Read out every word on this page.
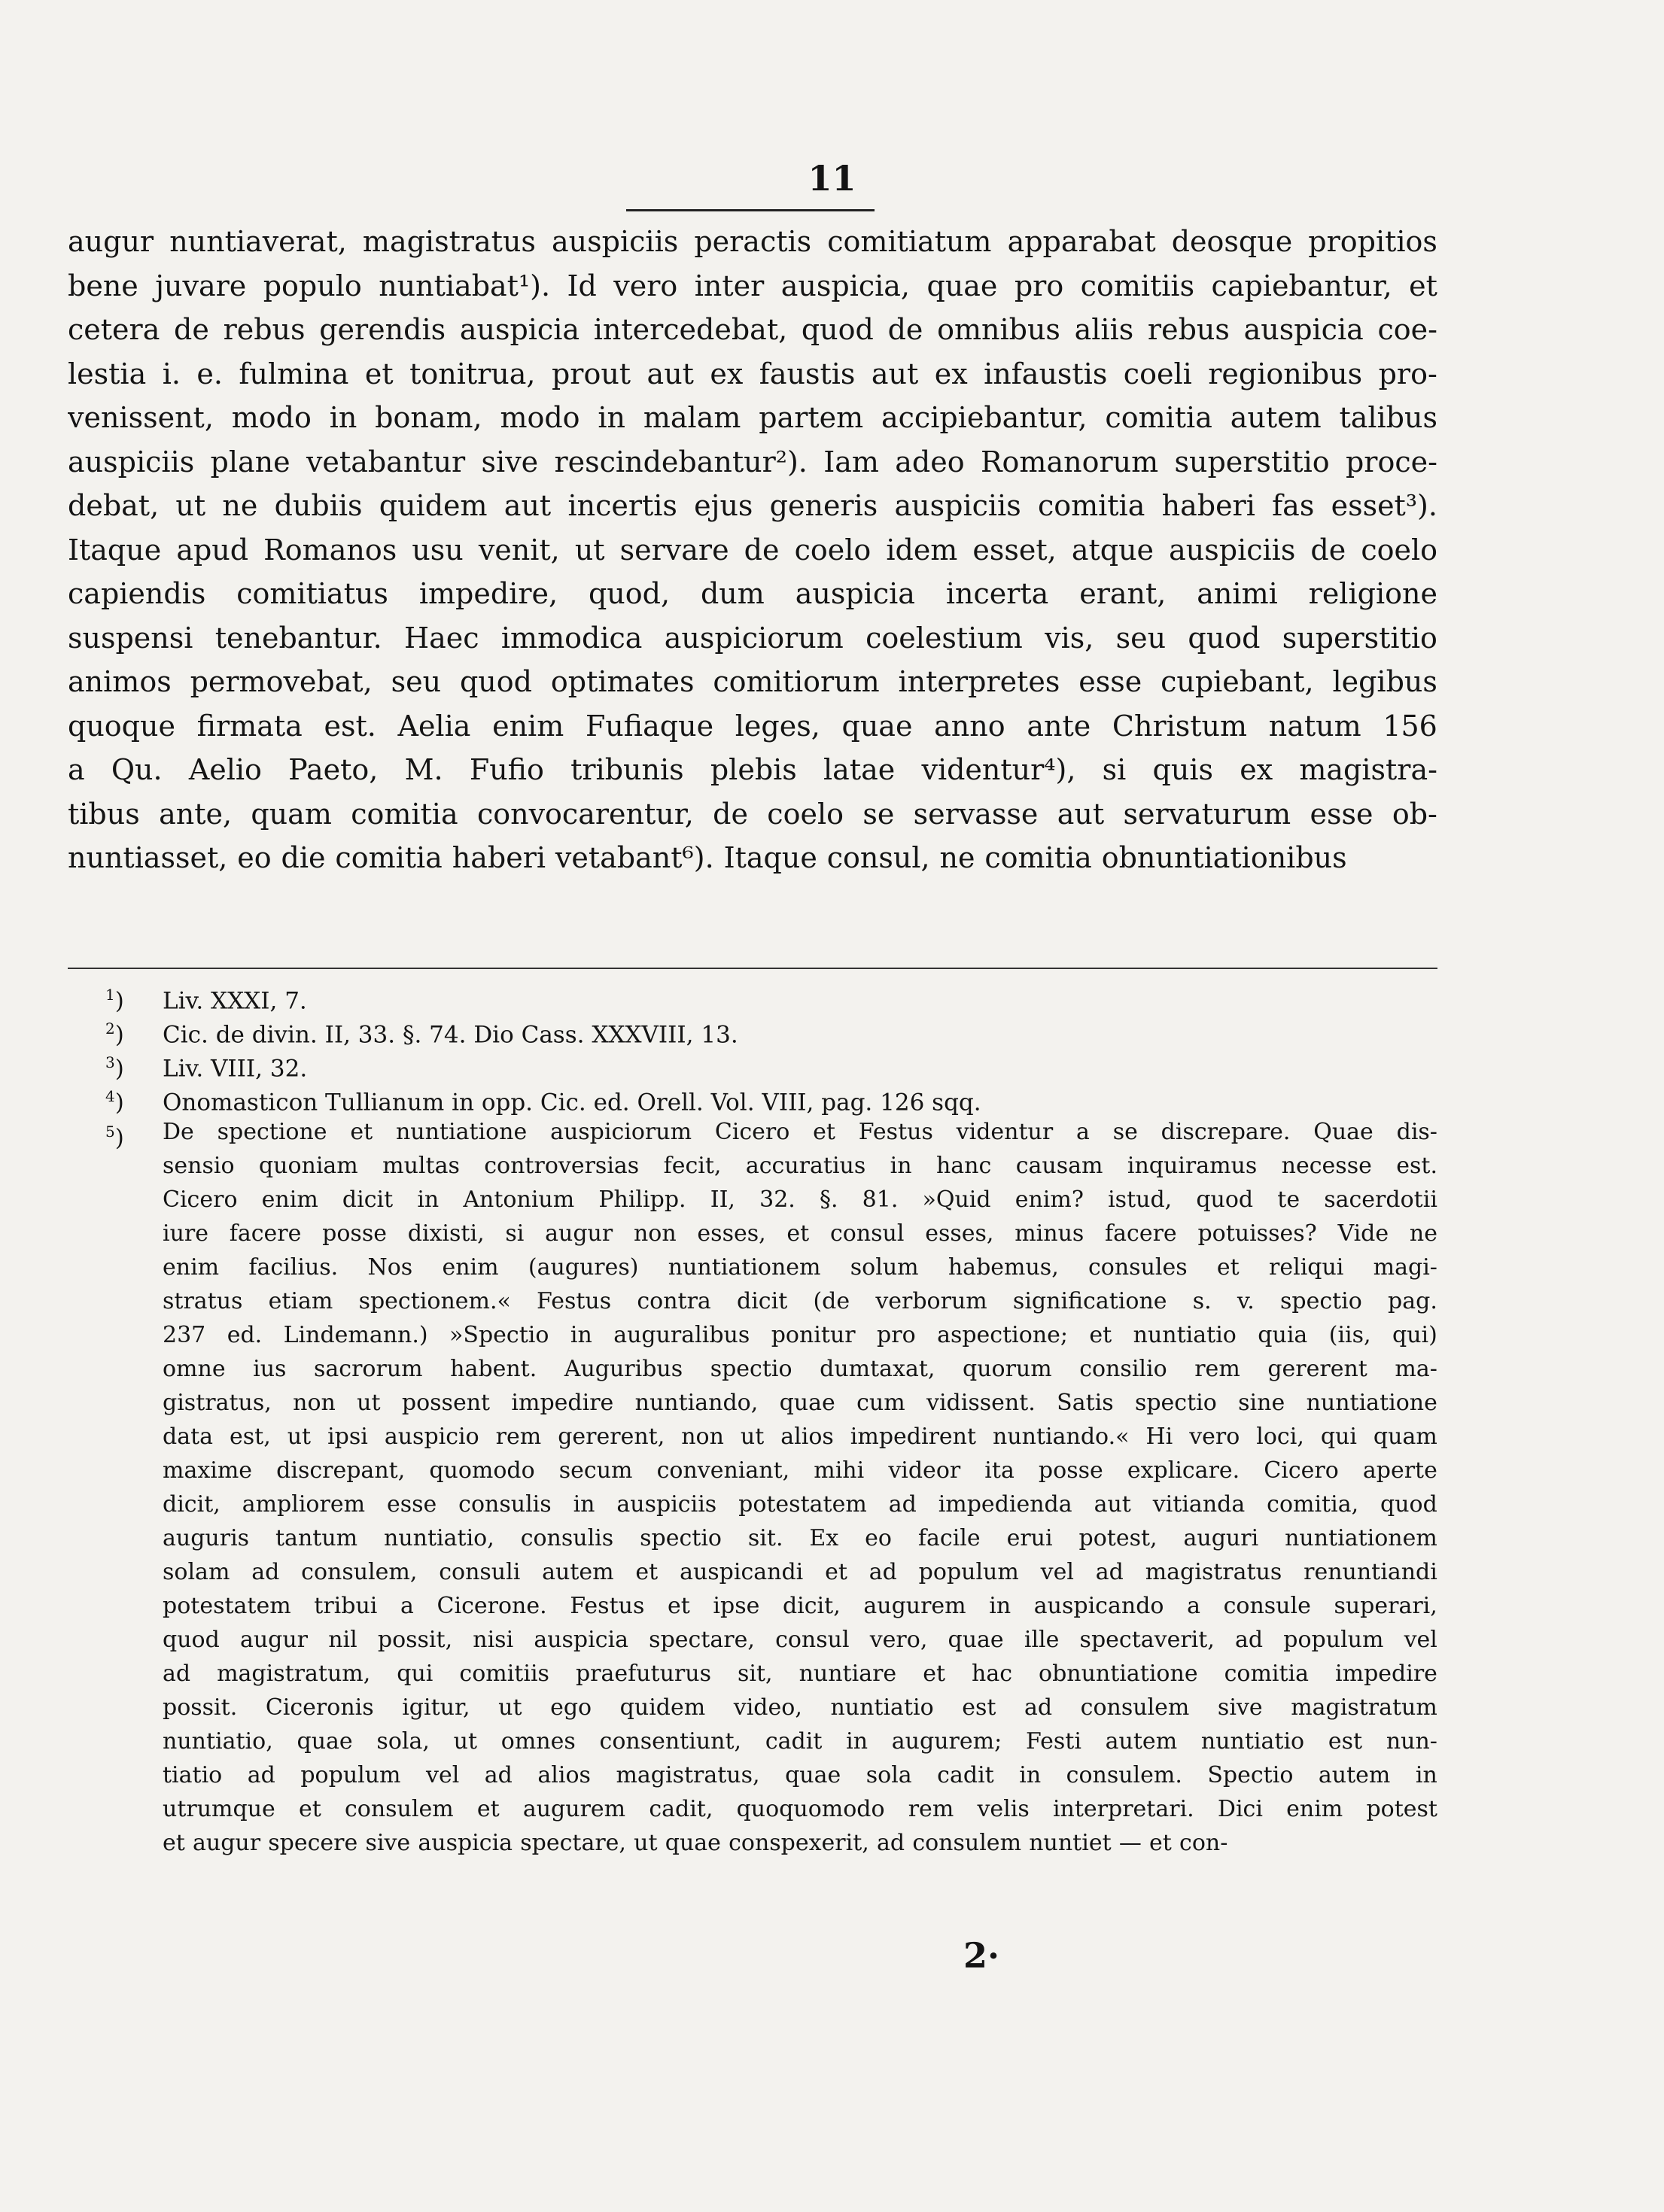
11
augur nuntiaverat, magistratus auspiciis peractis comitiatum apparabat deosque propitios
bene juvare populo nuntiabat¹). Id vero inter auspicia, quae pro comitiis capiebantur, et
cetera de rebus gerendis auspicia intercedebat, quod de omnibus aliis rebus auspicia coe-
lestia i. e. fulmina et tonitrua, prout aut ex faustis aut ex infaustis coeli regionibus pro-
venissent, modo in bonam, modo in malam partem accipiebantur, comitia autem talibus
auspiciis plane vetabantur sive rescindebantur²). Iam adeo Romanorum superstitio proce-
debat, ut ne dubiis quidem aut incertis ejus generis auspiciis comitia haberi fas esset³).
Itaque apud Romanos usu venit, ut servare de coelo idem esset, atque auspiciis de coelo
capiendis comitiatus impedire, quod, dum auspicia incerta erant, animi religione
suspensi tenebantur. Haec immodica auspiciorum coelestium vis, seu quod superstitio
animos permovebat, seu quod optimates comitiorum interpretes esse cupiebant, legibus
quoque firmata est. Aelia enim Fufiaque leges, quae anno ante Christum natum 156
a Qu. Aelio Paeto, M. Fufio tribunis plebis latae videntur⁴), si quis ex magistra-
tibus ante, quam comitia convocarentur, de coelo se servasse aut servaturum esse ob-
nuntiasset, eo die comitia haberi vetabant⁶). Itaque consul, ne comitia obnuntiationibus
$^1$) Liv. XXXI, 7.
$^2$) Cic. de divin. II, 33. §. 74. Dio Cass. XXXVIII, 13.
$^3$) Liv. VIII, 32.
$^4$) Onomasticon Tullianum in opp. Cic. ed. Orell. Vol. VIII, pag. 126 sqq.
$^5$) De spectione et nuntiatione auspiciorum Cicero et Festus videntur a se discrepare. Quae dis-
sensio quoniam multas controversias fecit, accuratius in hanc causam inquiramus necesse est.
Cicero enim dicit in Antonium Philipp. II, 32. §. 81. »Quid enim? istud, quod te sacerdotii
iure facere posse dixisti, si augur non esses, et consul esses, minus facere potuisses? Vide ne
enim facilius. Nos enim (augures) nuntiationem solum habemus, consules et reliqui magi-
stratus etiam spectionem.« Festus contra dicit (de verborum significatione s. v. spectio pag.
237 ed. Lindemann.) »Spectio in auguralibus ponitur pro aspectione; et nuntiatio quia (iis, qui)
omne ius sacrorum habent. Auguribus spectio dumtaxat, quorum consilio rem gererent ma-
gistratus, non ut possent impedire nuntiando, quae cum vidissent. Satis spectio sine nuntiatione
data est, ut ipsi auspicio rem gererent, non ut alios impedirent nuntiando.« Hi vero loci, qui quam
maxime discrepant, quomodo secum conveniant, mihi videor ita posse explicare. Cicero aperte
dicit, ampliorem esse consulis in auspiciis potestatem ad impedienda aut vitianda comitia, quod
auguris tantum nuntiatio, consulis spectio sit. Ex eo facile erui potest, auguri nuntiationem
solam ad consulem, consuli autem et auspicandi et ad populum vel ad magistratus renuntiandi
potestatem tribui a Cicerone. Festus et ipse dicit, augurem in auspicando a consule superari,
quod augur nil possit, nisi auspicia spectare, consul vero, quae ille spectaverit, ad populum vel
ad magistratum, qui comitiis praefuturus sit, nuntiare et hac obnuntiatione comitia impedire
possit. Ciceronis igitur, ut ego quidem video, nuntiatio est ad consulem sive magistratum
nuntiatio, quae sola, ut omnes consentiunt, cadit in augurem; Festi autem nuntiatio est nun-
tiatio ad populum vel ad alios magistratus, quae sola cadit in consulem. Spectio autem in
utrumque et consulem et augurem cadit, quoquomodo rem velis interpretari. Dici enim potest
et augur specere sive auspicia spectare, ut quae conspexerit, ad consulem nuntiet — et con-
2·
